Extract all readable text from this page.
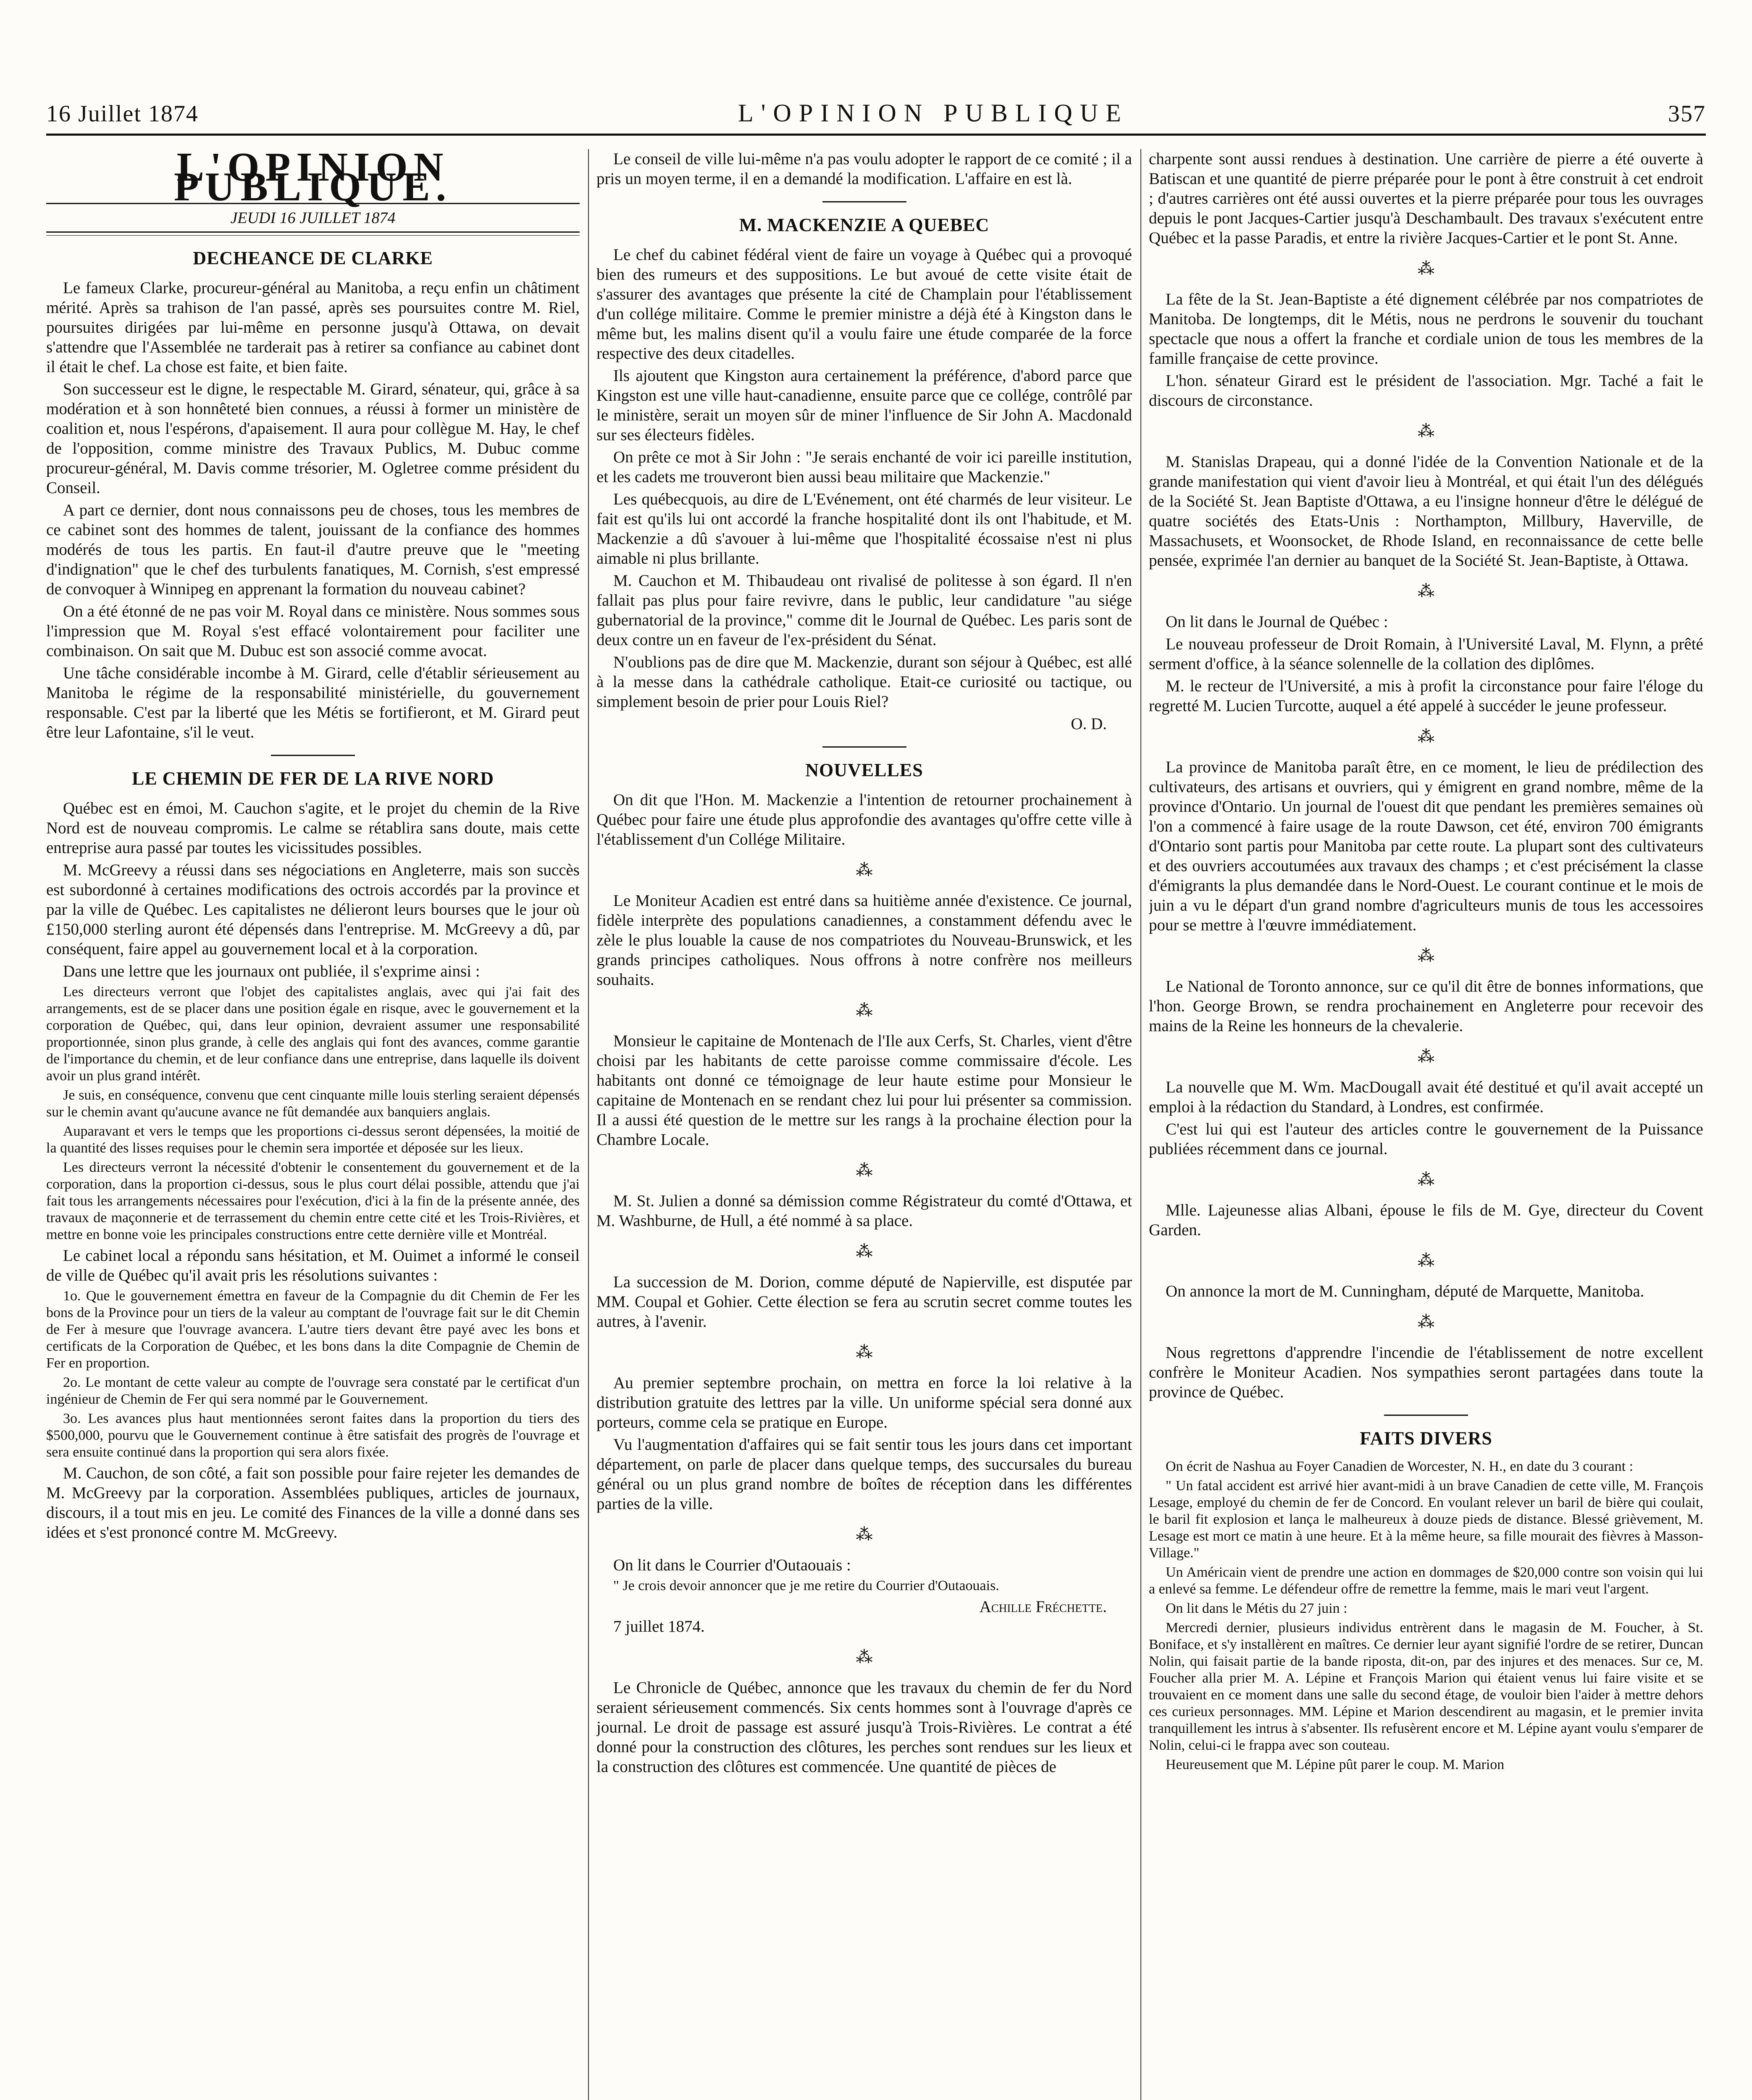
16 Juillet 1874	L'OPINION PUBLIQUE	357
L'OPINION PUBLIQUE.
JEUDI 16 JUILLET 1874
DECHEANCE DE CLARKE

Le fameux Clarke, procureur-général au Manitoba, a reçu enfin un châtiment mérité. Après sa trahison de l'an passé, après ses poursuites contre M. Riel, poursuites dirigées par lui-même en personne jusqu'à Ottawa, on devait s'attendre que l'Assemblée ne tarderait pas à retirer sa confiance au cabinet dont il était le chef. La chose est faite, et bien faite.

Son successeur est le digne, le respectable M. Girard, sénateur, qui, grâce à sa modération et à son honnêteté bien connues, a réussi à former un ministère de coalition et, nous l'espérons, d'apaisement. Il aura pour collègue M. Hay, le chef de l'opposition, comme ministre des Travaux Publics, M. Dubuc comme procureur-général, M. Davis comme trésorier, M. Ogletree comme président du Conseil.

A part ce dernier, dont nous connaissons peu de choses, tous les membres de ce cabinet sont des hommes de talent, jouissant de la confiance des hommes modérés de tous les partis. En faut-il d'autre preuve que le "meeting d'indignation" que le chef des turbulents fanatiques, M. Cornish, s'est empressé de convoquer à Winnipeg en apprenant la formation du nouveau cabinet?

On a été étonné de ne pas voir M. Royal dans ce ministère. Nous sommes sous l'impression que M. Royal s'est effacé volontairement pour faciliter une combinaison. On sait que M. Dubuc est son associé comme avocat.

Une tâche considérable incombe à M. Girard, celle d'établir sérieusement au Manitoba le régime de la responsabilité ministérielle, du gouvernement responsable. C'est par la liberté que les Métis se fortifieront, et M. Girard peut être leur Lafontaine, s'il le veut.

LE CHEMIN DE FER DE LA RIVE NORD

Québec est en émoi, M. Cauchon s'agite, et le projet du chemin de la Rive Nord est de nouveau compromis. Le calme se rétablira sans doute, mais cette entreprise aura passé par toutes les vicissitudes possibles.

M. McGreevy a réussi dans ses négociations en Angleterre, mais son succès est subordonné à certaines modifications des octrois accordés par la province et par la ville de Québec. Les capitalistes ne délieront leurs bourses que le jour où £150,000 sterling auront été dépensés dans l'entreprise. M. McGreevy a dû, par conséquent, faire appel au gouvernement local et à la corporation.

Dans une lettre que les journaux ont publiée, il s'exprime ainsi :

Les directeurs verront que l'objet des capitalistes anglais, avec qui j'ai fait des arrangements, est de se placer dans une position égale en risque, avec le gouvernement et la corporation de Québec, qui, dans leur opinion, devraient assumer une responsabilité proportionnée, sinon plus grande, à celle des anglais qui font des avances, comme garantie de l'importance du chemin, et de leur confiance dans une entreprise, dans laquelle ils doivent avoir un plus grand intérêt.

Je suis, en conséquence, convenu que cent cinquante mille louis sterling seraient dépensés sur le chemin avant qu'aucune avance ne fût demandée aux banquiers anglais.

Auparavant et vers le temps que les proportions ci-dessus seront dépensées, la moitié de la quantité des lisses requises pour le chemin sera importée et déposée sur les lieux.

Les directeurs verront la nécessité d'obtenir le consentement du gouvernement et de la corporation, dans la proportion ci-dessus, sous le plus court délai possible, attendu que j'ai fait tous les arrangements nécessaires pour l'exécution, d'ici à la fin de la présente année, des travaux de maçonnerie et de terrassement du chemin entre cette cité et les Trois-Rivières, et mettre en bonne voie les principales constructions entre cette dernière ville et Montréal.

Le cabinet local a répondu sans hésitation, et M. Ouimet a informé le conseil de ville de Québec qu'il avait pris les résolutions suivantes :

1o. Que le gouvernement émettra en faveur de la Compagnie du dit Chemin de Fer les bons de la Province pour un tiers de la valeur au comptant de l'ouvrage fait sur le dit Chemin de Fer à mesure que l'ouvrage avancera. L'autre tiers devant être payé avec les bons et certificats de la Corporation de Québec, et les bons dans la dite Compagnie de Chemin de Fer en proportion.

2o. Le montant de cette valeur au compte de l'ouvrage sera constaté par le certificat d'un ingénieur de Chemin de Fer qui sera nommé par le Gouvernement.

3o. Les avances plus haut mentionnées seront faites dans la proportion du tiers des $500,000, pourvu que le Gouvernement continue à être satisfait des progrès de l'ouvrage et sera ensuite continué dans la proportion qui sera alors fixée.

M. Cauchon, de son côté, a fait son possible pour faire rejeter les demandes de M. McGreevy par la corporation. Assemblées publiques, articles de journaux, discours, il a tout mis en jeu. Le comité des Finances de la ville a donné dans ses idées et s'est prononcé contre M. McGreevy.

Le conseil de ville lui-même n'a pas voulu adopter le rapport de ce comité ; il a pris un moyen terme, il en a demandé la modification. L'affaire en est là.

M. MACKENZIE A QUEBEC

Le chef du cabinet fédéral vient de faire un voyage à Québec qui a provoqué bien des rumeurs et des suppositions. Le but avoué de cette visite était de s'assurer des avantages que présente la cité de Champlain pour l'établissement d'un collége militaire. Comme le premier ministre a déjà été à Kingston dans le même but, les malins disent qu'il a voulu faire une étude comparée de la force respective des deux citadelles.

Ils ajoutent que Kingston aura certainement la préférence, d'abord parce que Kingston est une ville haut-canadienne, ensuite parce que ce collége, contrôlé par le ministère, serait un moyen sûr de miner l'influence de Sir John A. Macdonald sur ses électeurs fidèles.

On prête ce mot à Sir John : "Je serais enchanté de voir ici pareille institution, et les cadets me trouveront bien aussi beau militaire que Mackenzie."

Les québecquois, au dire de L'Evénement, ont été charmés de leur visiteur. Le fait est qu'ils lui ont accordé la franche hospitalité dont ils ont l'habitude, et M. Mackenzie a dû s'avouer à lui-même que l'hospitalité écossaise n'est ni plus aimable ni plus brillante.

M. Cauchon et M. Thibaudeau ont rivalisé de politesse à son égard. Il n'en fallait pas plus pour faire revivre, dans le public, leur candidature "au siége gubernatorial de la province," comme dit le Journal de Québec. Les paris sont de deux contre un en faveur de l'ex-président du Sénat.

N'oublions pas de dire que M. Mackenzie, durant son séjour à Québec, est allé à la messe dans la cathédrale catholique. Etait-ce curiosité ou tactique, ou simplement besoin de prier pour Louis Riel?

O. D.
NOUVELLES

On dit que l'Hon. M. Mackenzie a l'intention de retourner prochainement à Québec pour faire une étude plus approfondie des avantages qu'offre cette ville à l'établissement d'un Collége Militaire.

⁂

Le Moniteur Acadien est entré dans sa huitième année d'existence. Ce journal, fidèle interprète des populations canadiennes, a constamment défendu avec le zèle le plus louable la cause de nos compatriotes du Nouveau-Brunswick, et les grands principes catholiques. Nous offrons à notre confrère nos meilleurs souhaits.

⁂

Monsieur le capitaine de Montenach de l'Ile aux Cerfs, St. Charles, vient d'être choisi par les habitants de cette paroisse comme commissaire d'école. Les habitants ont donné ce témoignage de leur haute estime pour Monsieur le capitaine de Montenach en se rendant chez lui pour lui présenter sa commission. Il a aussi été question de le mettre sur les rangs à la prochaine élection pour la Chambre Locale.

⁂

M. St. Julien a donné sa démission comme Régistrateur du comté d'Ottawa, et M. Washburne, de Hull, a été nommé à sa place.

⁂

La succession de M. Dorion, comme député de Napierville, est disputée par MM. Coupal et Gohier. Cette élection se fera au scrutin secret comme toutes les autres, à l'avenir.

⁂

Au premier septembre prochain, on mettra en force la loi relative à la distribution gratuite des lettres par la ville. Un uniforme spécial sera donné aux porteurs, comme cela se pratique en Europe.

Vu l'augmentation d'affaires qui se fait sentir tous les jours dans cet important département, on parle de placer dans quelque temps, des succursales du bureau général ou un plus grand nombre de boîtes de réception dans les différentes parties de la ville.

⁂

On lit dans le Courrier d'Outaouais :

" Je crois devoir annoncer que je me retire du Courrier d'Outaouais.

Achille Fréchette.

7 juillet 1874.

⁂

Le Chronicle de Québec, annonce que les travaux du chemin de fer du Nord seraient sérieusement commencés. Six cents hommes sont à l'ouvrage d'après ce journal. Le droit de passage est assuré jusqu'à Trois-Rivières. Le contrat a été donné pour la construction des clôtures, les perches sont rendues sur les lieux et la construction des clôtures est commencée. Une quantité de pièces de

charpente sont aussi rendues à destination. Une carrière de pierre a été ouverte à Batiscan et une quantité de pierre préparée pour le pont à être construit à cet endroit ; d'autres carrières ont été aussi ouvertes et la pierre préparée pour tous les ouvrages depuis le pont Jacques-Cartier jusqu'à Deschambault. Des travaux s'exécutent entre Québec et la passe Paradis, et entre la rivière Jacques-Cartier et le pont St. Anne.

⁂

La fête de la St. Jean-Baptiste a été dignement célébrée par nos compatriotes de Manitoba. De longtemps, dit le Métis, nous ne perdrons le souvenir du touchant spectacle que nous a offert la franche et cordiale union de tous les membres de la famille française de cette province.

L'hon. sénateur Girard est le président de l'association. Mgr. Taché a fait le discours de circonstance.

⁂

M. Stanislas Drapeau, qui a donné l'idée de la Convention Nationale et de la grande manifestation qui vient d'avoir lieu à Montréal, et qui était l'un des délégués de la Société St. Jean Baptiste d'Ottawa, a eu l'insigne honneur d'être le délégué de quatre sociétés des Etats-Unis : Northampton, Millbury, Haverville, de Massachusets, et Woonsocket, de Rhode Island, en reconnaissance de cette belle pensée, exprimée l'an dernier au banquet de la Société St. Jean-Baptiste, à Ottawa.

⁂

On lit dans le Journal de Québec :

Le nouveau professeur de Droit Romain, à l'Université Laval, M. Flynn, a prêté serment d'office, à la séance solennelle de la collation des diplômes.

M. le recteur de l'Université, a mis à profit la circonstance pour faire l'éloge du regretté M. Lucien Turcotte, auquel a été appelé à succéder le jeune professeur.

⁂

La province de Manitoba paraît être, en ce moment, le lieu de prédilection des cultivateurs, des artisans et ouvriers, qui y émigrent en grand nombre, même de la province d'Ontario. Un journal de l'ouest dit que pendant les premières semaines où l'on a commencé à faire usage de la route Dawson, cet été, environ 700 émigrants d'Ontario sont partis pour Manitoba par cette route. La plupart sont des cultivateurs et des ouvriers accoutumées aux travaux des champs ; et c'est précisément la classe d'émigrants la plus demandée dans le Nord-Ouest. Le courant continue et le mois de juin a vu le départ d'un grand nombre d'agriculteurs munis de tous les accessoires pour se mettre à l'œuvre immédiatement.

⁂

Le National de Toronto annonce, sur ce qu'il dit être de bonnes informations, que l'hon. George Brown, se rendra prochainement en Angleterre pour recevoir des mains de la Reine les honneurs de la chevalerie.

⁂

La nouvelle que M. Wm. MacDougall avait été destitué et qu'il avait accepté un emploi à la rédaction du Standard, à Londres, est confirmée.

C'est lui qui est l'auteur des articles contre le gouvernement de la Puissance publiées récemment dans ce journal.

⁂

Mlle. Lajeunesse alias Albani, épouse le fils de M. Gye, directeur du Covent Garden.

⁂

On annonce la mort de M. Cunningham, député de Marquette, Manitoba.

⁂

Nous regrettons d'apprendre l'incendie de l'établissement de notre excellent confrère le Moniteur Acadien. Nos sympathies seront partagées dans toute la province de Québec.

FAITS DIVERS

On écrit de Nashua au Foyer Canadien de Worcester, N. H., en date du 3 courant :

" Un fatal accident est arrivé hier avant-midi à un brave Canadien de cette ville, M. François Lesage, employé du chemin de fer de Concord. En voulant relever un baril de bière qui coulait, le baril fit explosion et lança le malheureux à douze pieds de distance. Blessé grièvement, M. Lesage est mort ce matin à une heure. Et à la même heure, sa fille mourait des fièvres à Masson-Village."

Un Américain vient de prendre une action en dommages de $20,000 contre son voisin qui lui a enlevé sa femme. Le défendeur offre de remettre la femme, mais le mari veut l'argent.

On lit dans le Métis du 27 juin :

Mercredi dernier, plusieurs individus entrèrent dans le magasin de M. Foucher, à St. Boniface, et s'y installèrent en maîtres. Ce dernier leur ayant signifié l'ordre de se retirer, Duncan Nolin, qui faisait partie de la bande riposta, dit-on, par des injures et des menaces. Sur ce, M. Foucher alla prier M. A. Lépine et François Marion qui étaient venus lui faire visite et se trouvaient en ce moment dans une salle du second étage, de vouloir bien l'aider à mettre dehors ces curieux personnages. MM. Lépine et Marion descendirent au magasin, et le premier invita tranquillement les intrus à s'absenter. Ils refusèrent encore et M. Lépine ayant voulu s'emparer de Nolin, celui-ci le frappa avec son couteau.

Heureusement que M. Lépine pût parer le coup. M. Marion
